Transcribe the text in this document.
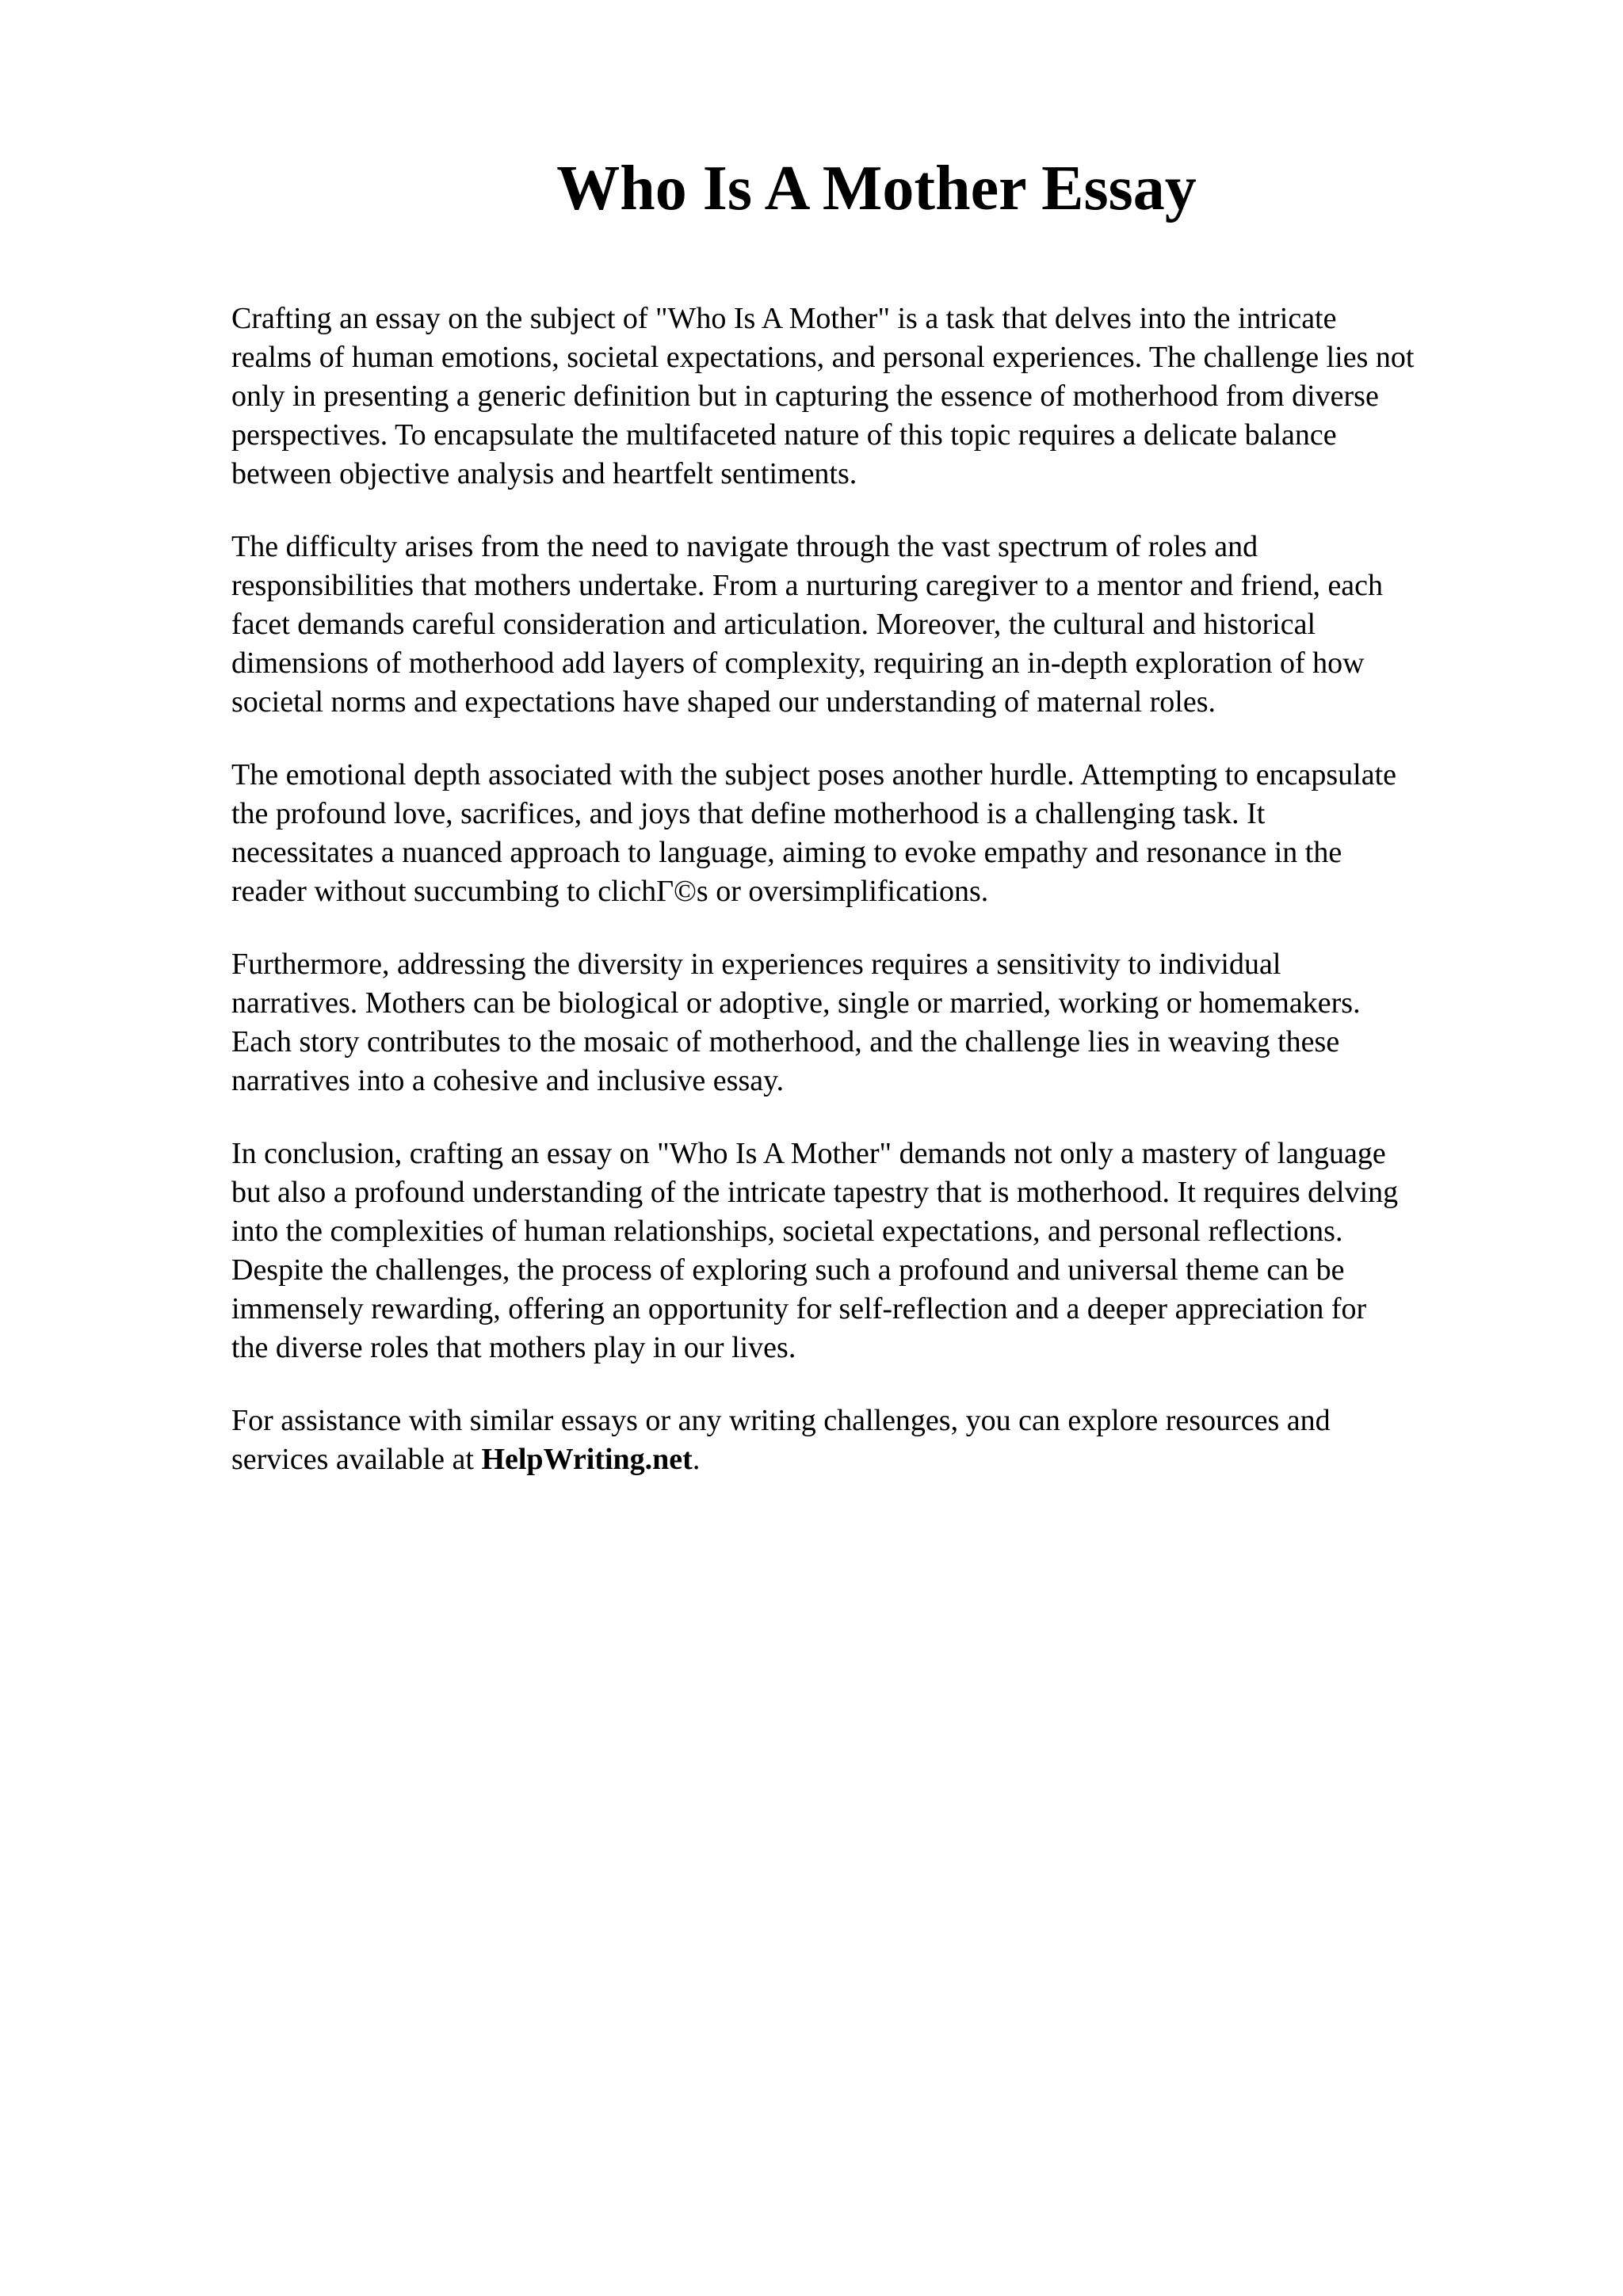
Who Is A Mother Essay

Crafting an essay on the subject of "Who Is A Mother" is a task that delves into the intricate
realms of human emotions, societal expectations, and personal experiences. The challenge lies not
only in presenting a generic definition but in capturing the essence of motherhood from diverse
perspectives. To encapsulate the multifaceted nature of this topic requires a delicate balance
between objective analysis and heartfelt sentiments.

The difficulty arises from the need to navigate through the vast spectrum of roles and
responsibilities that mothers undertake. From a nurturing caregiver to a mentor and friend, each
facet demands careful consideration and articulation. Moreover, the cultural and historical
dimensions of motherhood add layers of complexity, requiring an in-depth exploration of how
societal norms and expectations have shaped our understanding of maternal roles.

The emotional depth associated with the subject poses another hurdle. Attempting to encapsulate
the profound love, sacrifices, and joys that define motherhood is a challenging task. It
necessitates a nuanced approach to language, aiming to evoke empathy and resonance in the
reader without succumbing to clichΓ©s or oversimplifications.

Furthermore, addressing the diversity in experiences requires a sensitivity to individual
narratives. Mothers can be biological or adoptive, single or married, working or homemakers.
Each story contributes to the mosaic of motherhood, and the challenge lies in weaving these
narratives into a cohesive and inclusive essay.

In conclusion, crafting an essay on "Who Is A Mother" demands not only a mastery of language
but also a profound understanding of the intricate tapestry that is motherhood. It requires delving
into the complexities of human relationships, societal expectations, and personal reflections.
Despite the challenges, the process of exploring such a profound and universal theme can be
immensely rewarding, offering an opportunity for self-reflection and a deeper appreciation for
the diverse roles that mothers play in our lives.

For assistance with similar essays or any writing challenges, you can explore resources and
services available at HelpWriting.net.
